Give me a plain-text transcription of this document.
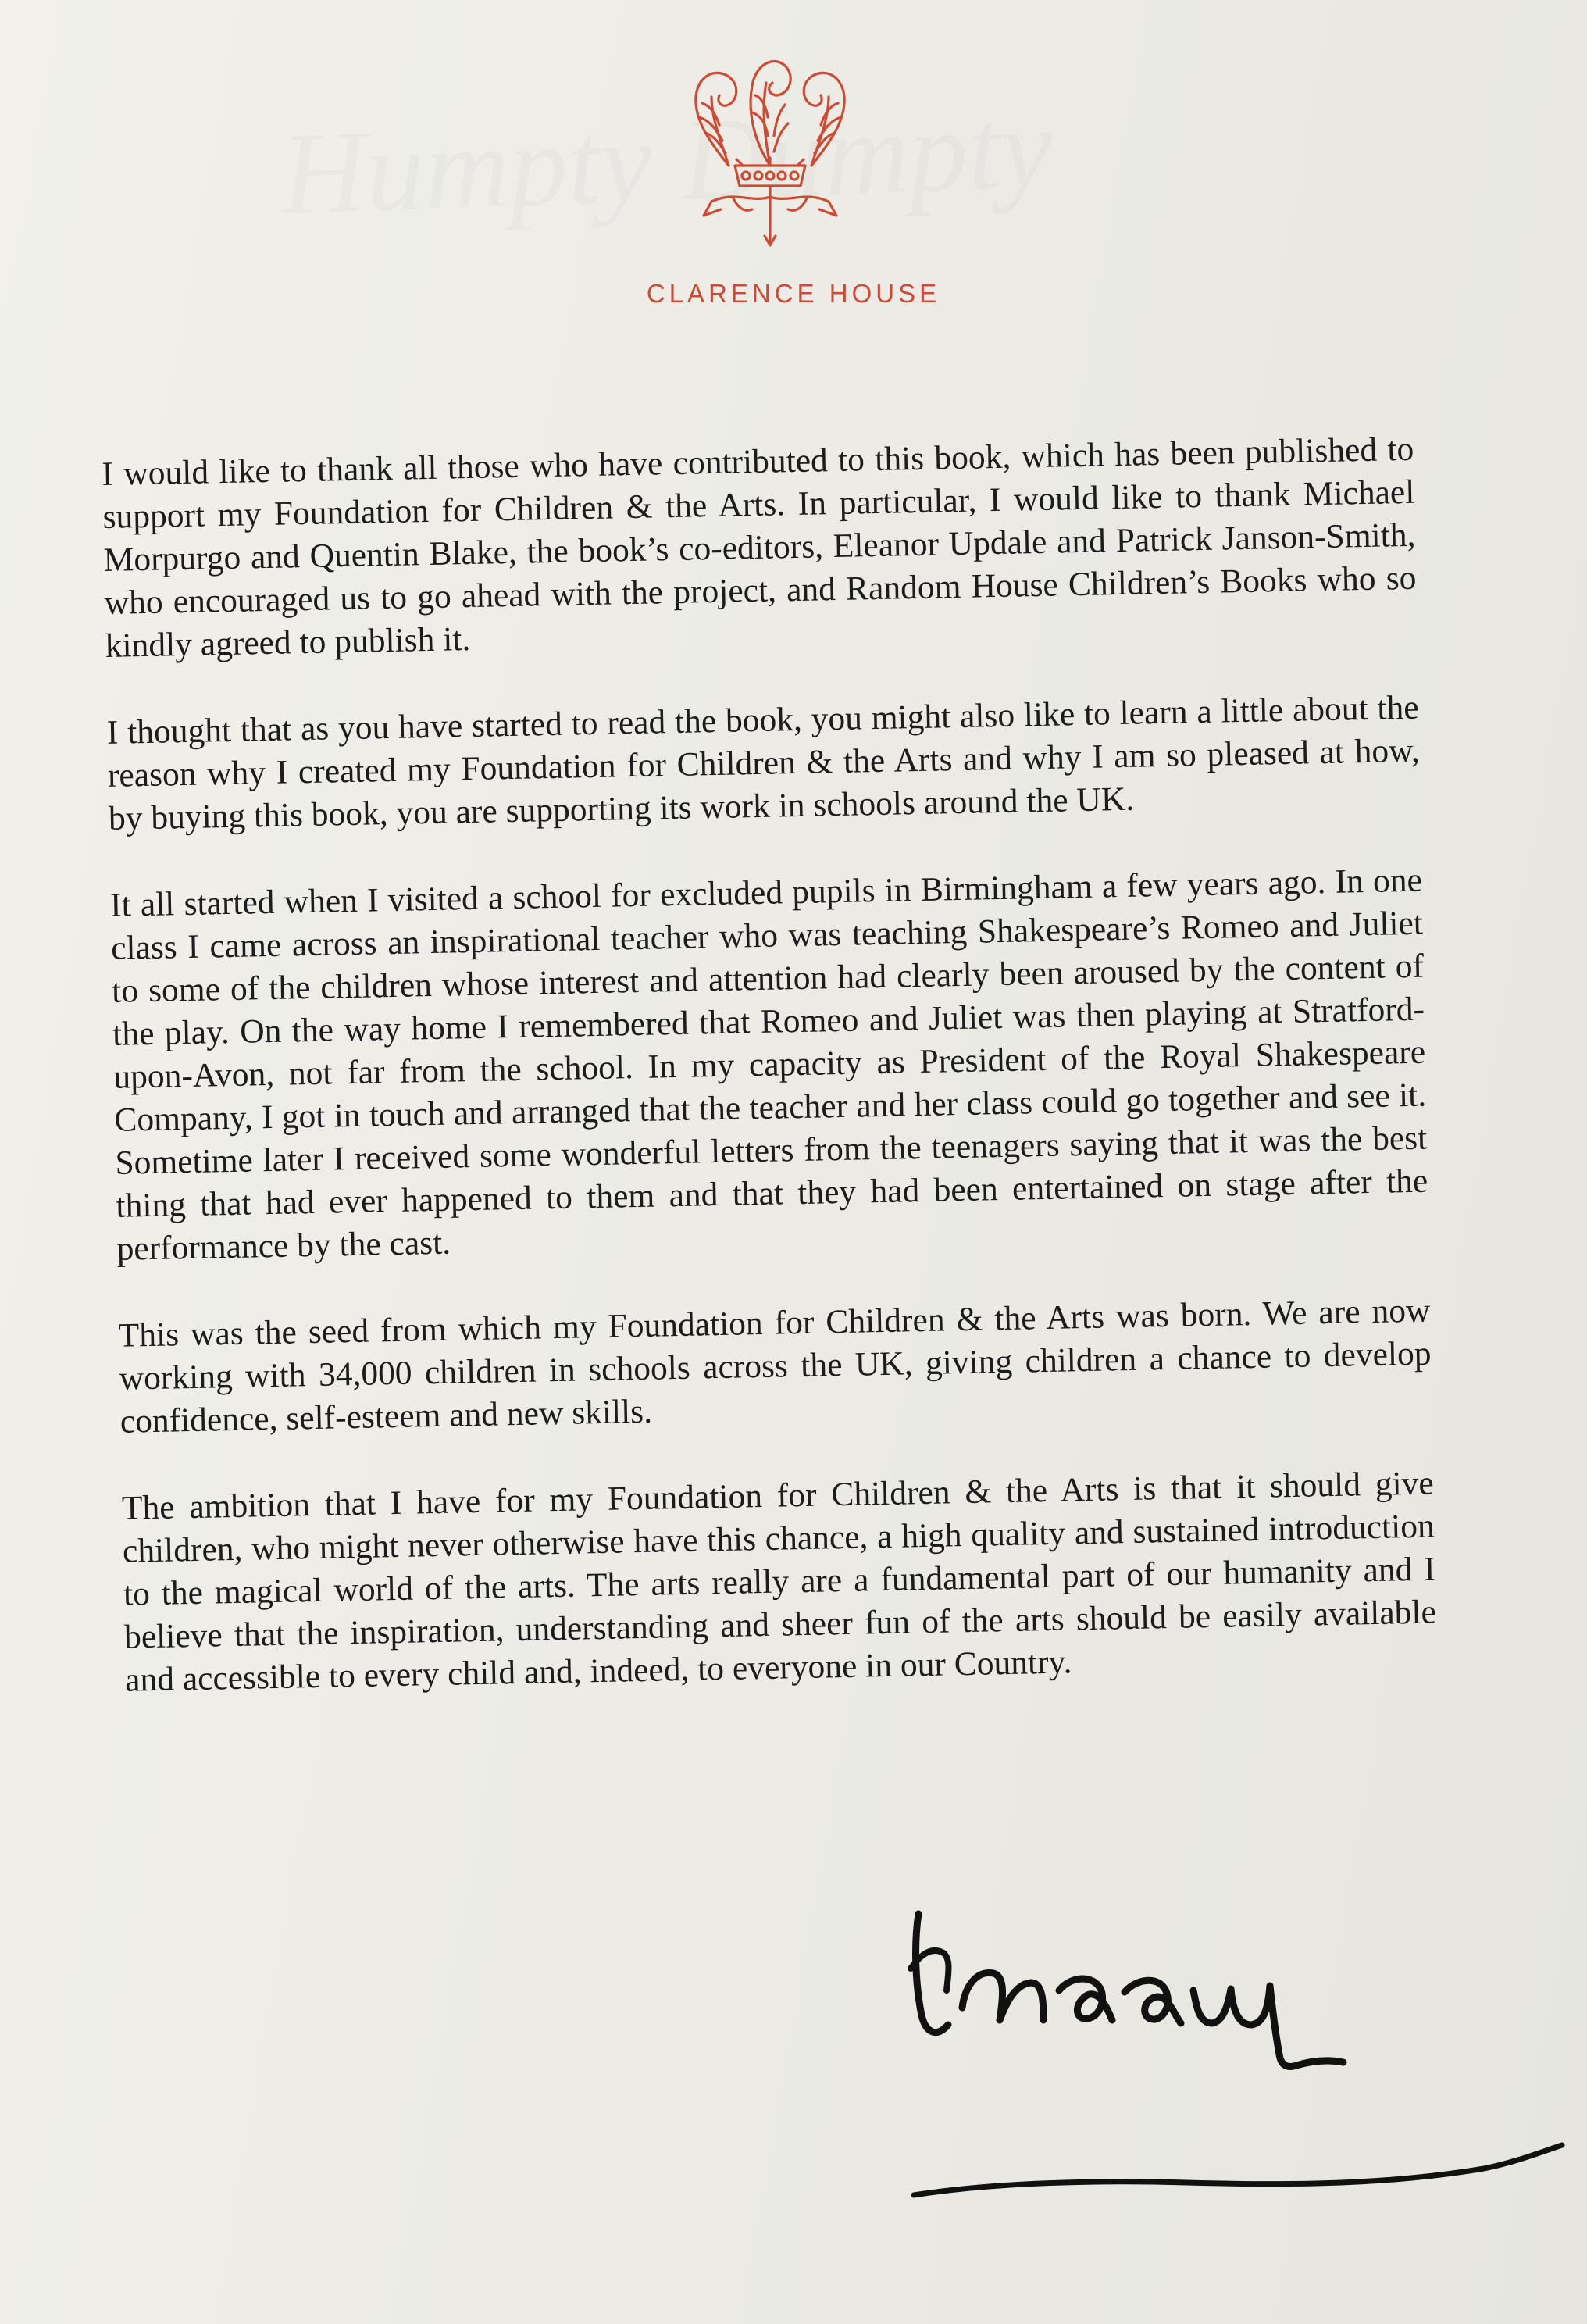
CLARENCE HOUSE

I would like to thank all those who have contributed to this book, which has been published to support my Foundation for Children & the Arts. In particular, I would like to thank Michael Morpurgo and Quentin Blake, the book’s co-editors, Eleanor Updale and Patrick Janson-Smith, who encouraged us to go ahead with the project, and Random House Children’s Books who so kindly agreed to publish it.

I thought that as you have started to read the book, you might also like to learn a little about the reason why I created my Foundation for Children & the Arts and why I am so pleased at how, by buying this book, you are supporting its work in schools around the UK.

It all started when I visited a school for excluded pupils in Birmingham a few years ago. In one class I came across an inspirational teacher who was teaching Shakespeare’s Romeo and Juliet to some of the children whose interest and attention had clearly been aroused by the content of the play. On the way home I remembered that Romeo and Juliet was then playing at Stratford-upon-Avon, not far from the school. In my capacity as President of the Royal Shakespeare Company, I got in touch and arranged that the teacher and her class could go together and see it. Sometime later I received some wonderful letters from the teenagers saying that it was the best thing that had ever happened to them and that they had been entertained on stage after the performance by the cast.

This was the seed from which my Foundation for Children & the Arts was born. We are now working with 34,000 children in schools across the UK, giving children a chance to develop confidence, self-esteem and new skills.

The ambition that I have for my Foundation for Children & the Arts is that it should give children, who might never otherwise have this chance, a high quality and sustained introduction to the magical world of the arts. The arts really are a fundamental part of our humanity and I believe that the inspiration, understanding and sheer fun of the arts should be easily available and accessible to every child and, indeed, to everyone in our Country.
